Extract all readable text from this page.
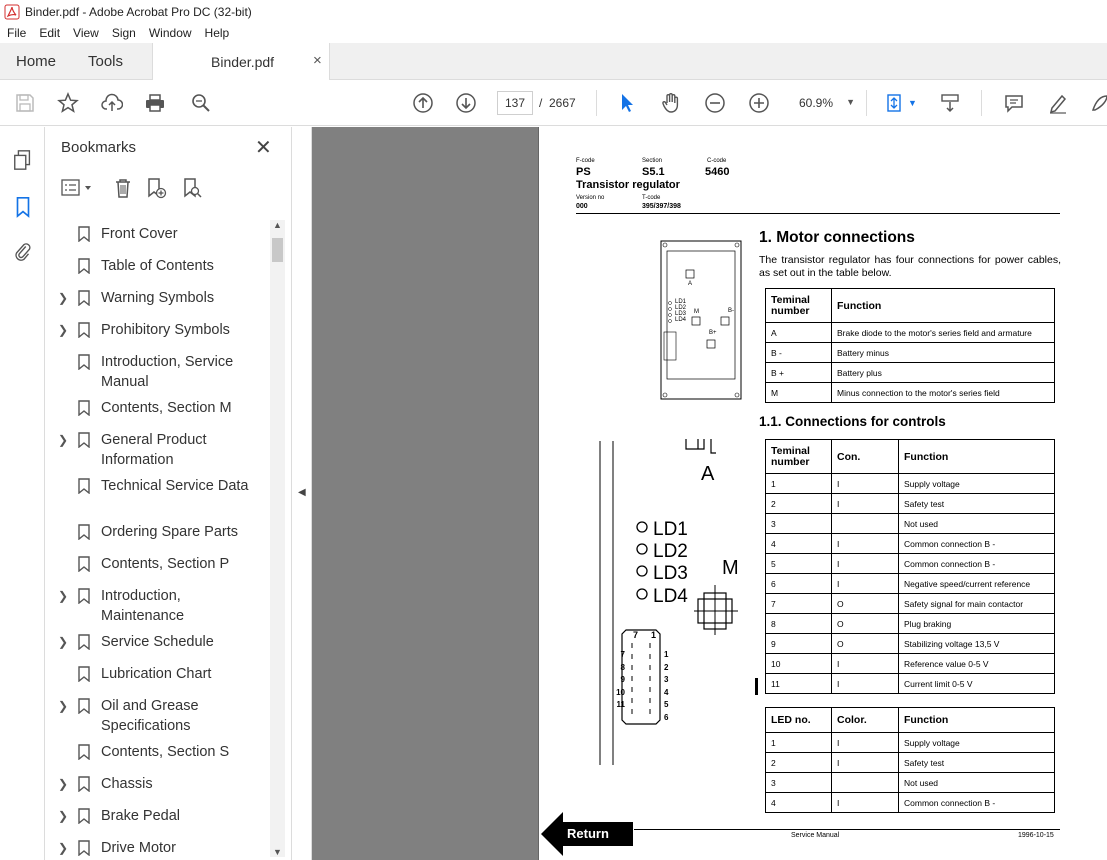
Binder.pdf - Adobe Acrobat Pro DC (32-bit)
File	Edit	View	Sign	Window	Help
Home Tools	Binder.pdf	×
137	/ 2667	60.9% ▼	▼
Bookmarks	✕
Front Cover
Table of Contents
❯ Warning Symbols
❯ Prohibitory Symbols
Introduction, Service Manual
Contents, Section M
❯ General Product Information
Technical Service Data
Ordering Spare Parts
Contents, Section P
❯ Introduction, Maintenance
❯ Service Schedule
Lubrication Chart
❯ Oil and Grease Specifications
Contents, Section S
❯ Chassis
❯ Brake Pedal
❯ Drive Motor
▲
▼
◀
F-code
PS
Section
S5.1
C-code
5460
Transistor regulator
Version no
000
T-code
395/397/398
1. Motor connections
The transistor regulator has four connections for power cables, as set out in the table below.
Teminal number	Function
A	Brake diode to the motor's series field and armature
B -	Battery minus
B +	Battery plus
M	Minus connection to the motor's series field
1.1. Connections for controls
Teminal number	Con.	Function
1	I	Supply voltage
2	I	Safety test
3		Not used
4	I	Common connection B -
5	I	Common connection B -
6	I	Negative speed/current reference
7	O	Safety signal for main contactor
8	O	Plug braking
9	O	Stabilizing voltage 13,5 V
10	I	Reference value 0-5 V
11	I	Current limit 0-5 V
LED no.	Color.	Function
1	I	Supply voltage
2	I	Safety test
3		Not used
4	I	Common connection B -
A
LD1
LD2
LD3
LD4
M	B-
B+
A
LD1
LD2
LD3
LD4
M
7 1
7
8
9
10
11
1
2
3
4
5
6
Return	Service Manual	1996-10-15
